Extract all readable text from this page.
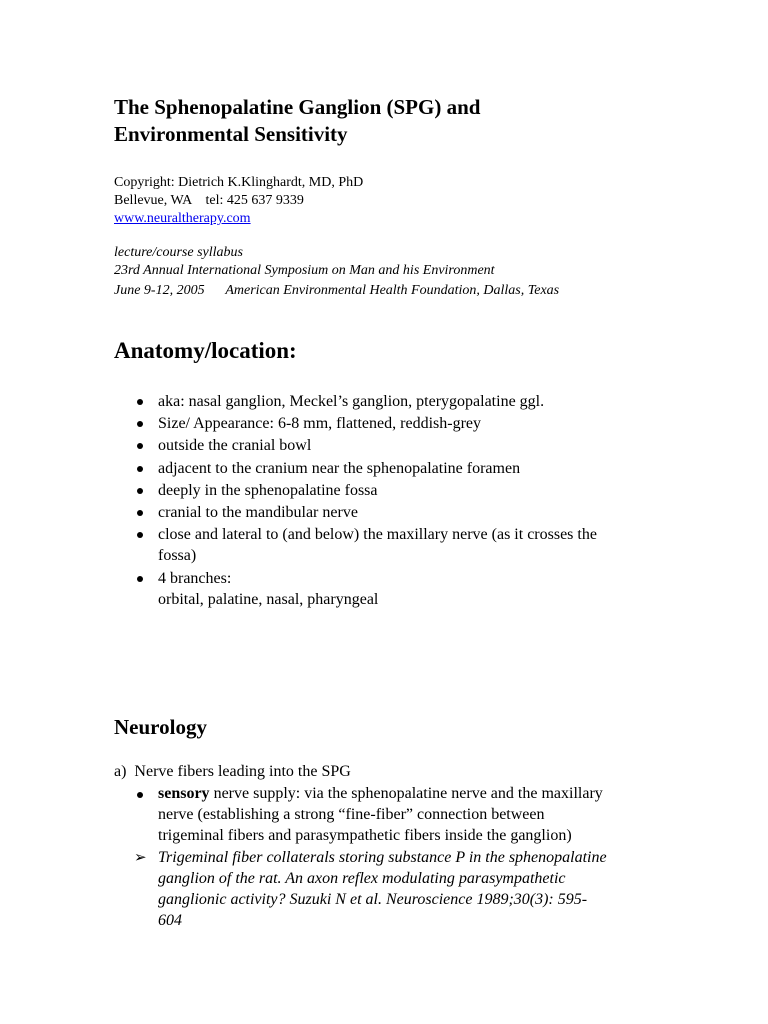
The Sphenopalatine Ganglion (SPG) and
Environmental Sensitivity
Copyright: Dietrich K.Klinghardt, MD, PhD
Bellevue, WA    tel: 425 637 9339
www.neuraltherapy.com
lecture/course syllabus
23rd Annual International Symposium on Man and his Environment
June 9-12, 2005      American Environmental Health Foundation, Dallas, Texas
Anatomy/location:
aka: nasal ganglion, Meckel’s ganglion, pterygopalatine ggl.
Size/ Appearance: 6-8 mm, flattened, reddish-grey
outside the cranial bowl
adjacent to the cranium near the sphenopalatine foramen
deeply in the sphenopalatine fossa
cranial to the mandibular nerve
close and lateral to (and below) the maxillary nerve (as it crosses the
fossa)
4 branches:
orbital, palatine, nasal, pharyngeal
Neurology
a)  Nerve fibers leading into the SPG
sensory nerve supply: via the sphenopalatine nerve and the maxillary
nerve (establishing a strong “fine-fiber” connection between
trigeminal fibers and parasympathetic fibers inside the ganglion)
➢ Trigeminal fiber collaterals storing substance P in the sphenopalatine
ganglion of the rat. An axon reflex modulating parasympathetic
ganglionic activity? Suzuki N et al. Neuroscience 1989;30(3): 595-
604
